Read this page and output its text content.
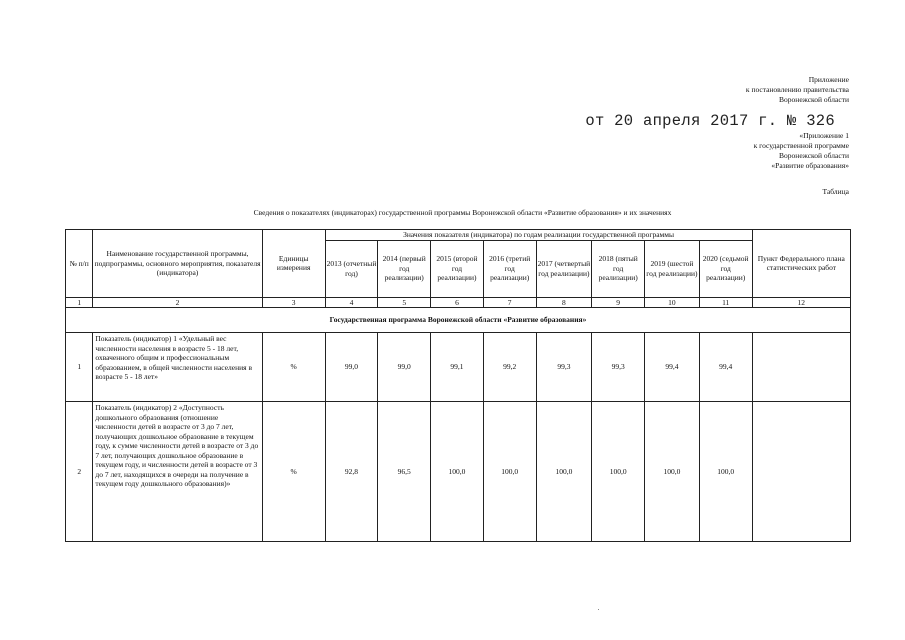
Приложение
к постановлению правительства
Воронежской области
от 20 апреля 2017 г. № 326
«Приложение 1
к государственной программе
Воронежской области
«Развитие образования»
Таблица
Сведения о показателях (индикаторах) государственной программы Воронежской области «Развитие образования» и их значениях
№ п/п	Наименование государственной программы, подпрограммы, основного мероприятия, показателя (индикатора)	Единицы измерения	Значения показателя (индикатора) по годам реализации государственной программы								Пункт Федерального плана статистических работ
			2013 (отчетный год)	2014 (первый год реализации)	2015 (второй год реализации)	2016 (третий год реализации)	2017 (четвертый год реализации)	2018 (пятый год реализации)	2019 (шестой год реализации)	2020 (седьмой год реализации)	
1	2	3	4	5	6	7	8	9	10	11	12
Государственная программа Воронежской области «Развитие образования»											
1	Показатель (индикатор) 1 «Удельный вес численности населения в возрасте 5 - 18 лет, охваченного общим и профессиональным образованием, в общей численности населения в возрасте 5 - 18 лет»	%	99,0	99,0	99,1	99,2	99,3	99,3	99,4	99,4	
2	Показатель (индикатор) 2 «Доступность дошкольного образования (отношение численности детей в возрасте от 3 до 7 лет, получающих дошкольное образование в текущем году, к сумме численности детей в возрасте от 3 до 7 лет, получающих дошкольное образование в текущем году, и численности детей в возрасте от 3 до 7 лет, находящихся в очереди на получение в текущем году дошкольного образования)»	%	92,8	96,5	100,0	100,0	100,0	100,0	100,0	100,0	
